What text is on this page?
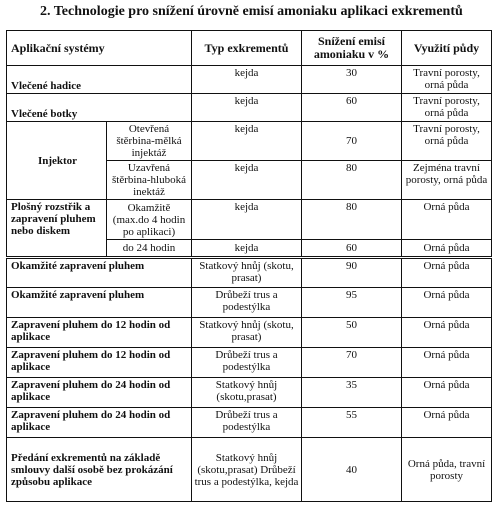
2. Technologie pro snížení úrovně emisí amoniaku aplikaci exkrementů
Aplikační systémy		Typ exkrementů	Snížení emisí amoniaku v %	Využití půdy
Vlečené hadice		kejda	30	Travní porosty, orná půda
Vlečené botky		kejda	60	Travní porosty, orná půda
Injektor	Otevřená štěrbina-mělká injektáž	kejda	70	Travní porosty, orná půda
	Uzavřená štěrbina-hluboká inektáž	kejda	80	Zejména travní porosty, orná půda
Plošný rozstřik a zapravení pluhem nebo diskem	Okamžitě (max.do 4 hodin po aplikaci)	kejda	80	Orná půda
	do 24 hodin	kejda	60	Orná půda
Okamžité zapravení pluhem		Statkový hnůj (skotu, prasat)	90	Orná půda
Okamžité zapravení pluhem		Drůbeží trus a podestýlka	95	Orná půda
Zapravení pluhem do 12 hodin od aplikace		Statkový hnůj (skotu, prasat)	50	Orná půda
Zapravení pluhem do 12 hodin od aplikace		Drůbeží trus a podestýlka	70	Orná půda
Zapravení pluhem do 24 hodin od aplikace		Statkový hnůj (skotu,prasat)	35	Orná půda
Zapravení pluhem do 24 hodin od aplikace		Drůbeží trus a podestýlka	55	Orná půda
Předání exkrementů na základě smlouvy další osobě bez prokázání způsobu aplikace		Statkový hnůj (skotu,prasat) Drůbeží trus a podestýlka, kejda	40	Orná půda, travní porosty
